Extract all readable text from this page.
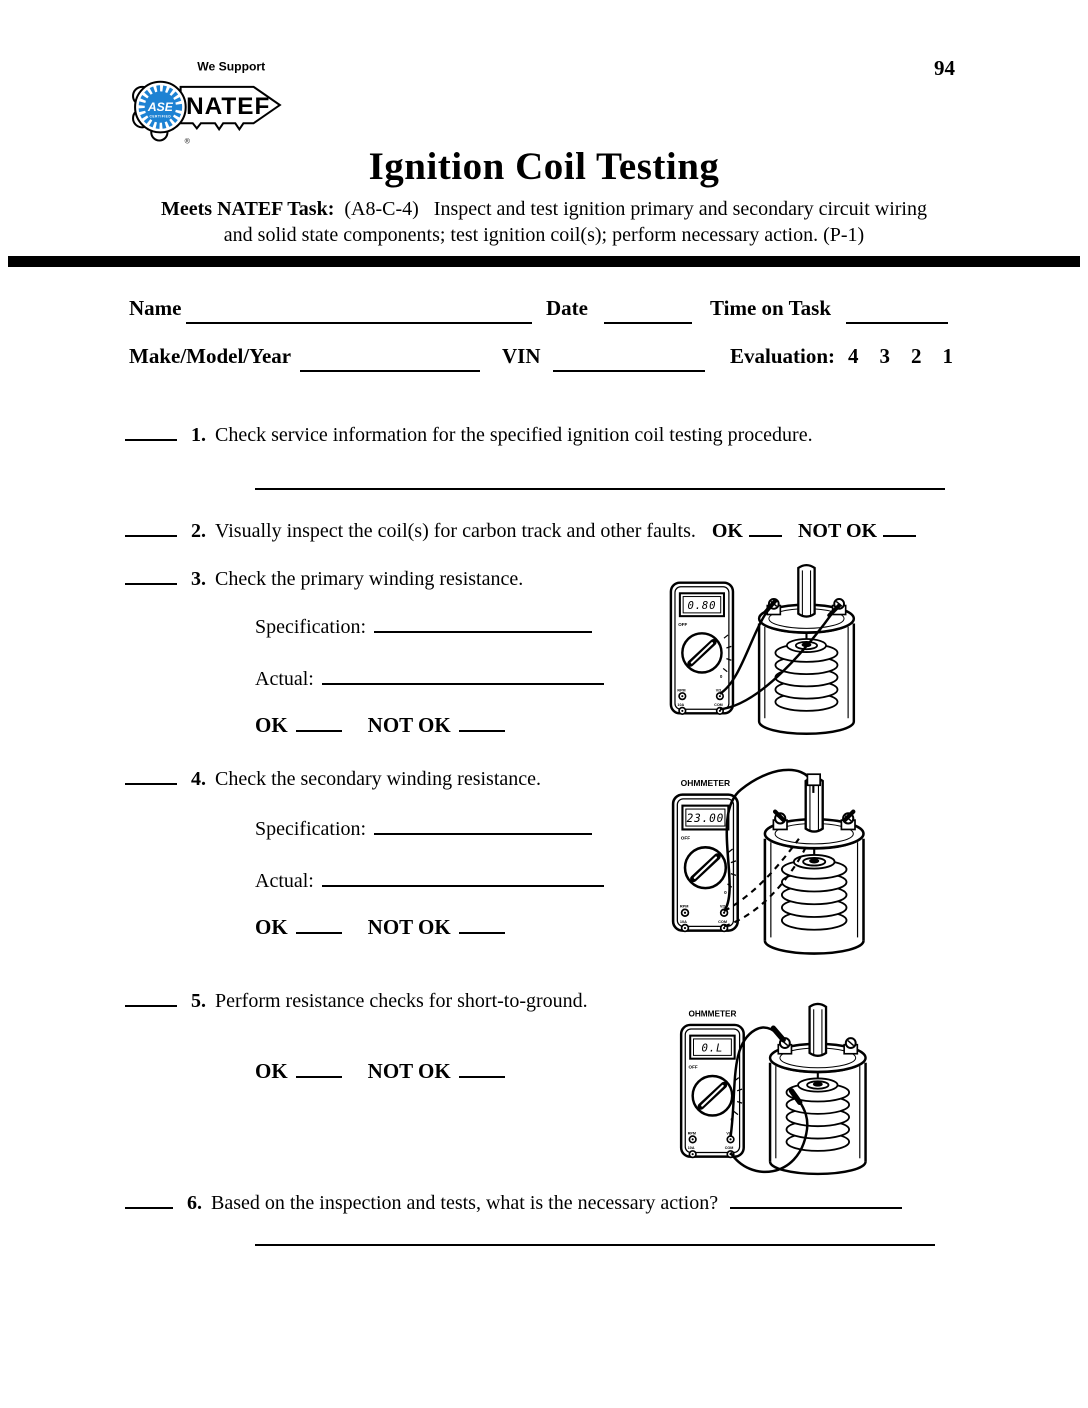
94
We Support
ASE
CERTIFIED NATEF
®
Ignition Coil Testing
Meets NATEF Task:  (A8-C-4)   Inspect and test ignition primary and secondary circuit wiring
and solid state components; test ignition coil(s); perform necessary action. (P-1)
Name	Date	Time on Task
Make/Model/Year	VIN	Evaluation: 4    3    2    1
1. Check service information for the specified ignition coil testing procedure.
2. Visually inspect the coil(s) for carbon track and other faults. OK	NOT OK
3. Check the primary winding resistance.
Specification:
Actual:
OK	NOT OK
0.80
OFF
0
RPM	VΩ
10A	COM
4. Check the secondary winding resistance.
Specification:
Actual:
OK	NOT OK
OHMMETER
23.00
OFF
0
RPM	VΩ
10A	COM
5. Perform resistance checks for short-to-ground.
OK	NOT OK
OHMMETER
0.L
OFF
0
RPM	VΩ
10A	COM
6. Based on the inspection and tests, what is the necessary action?
